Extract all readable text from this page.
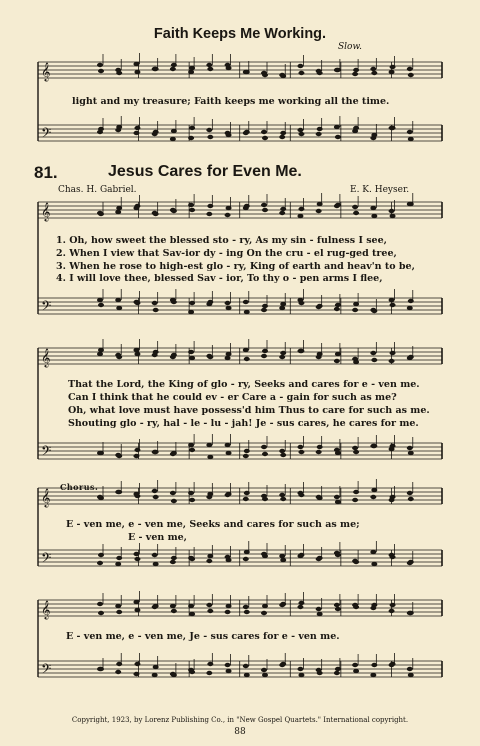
𝄞
𝄢
𝄞
𝄢
𝄞
𝄢
𝄞
𝄢
𝄞
𝄢
Faith Keeps Me Working.
Slow.
light and my treasure; Faith keeps me working all the time.
81.	Jesus Cares for Even Me.
Chas. H. Gabriel.	E. K. Heyser.
1. Oh, how sweet the blessed sto - ry, As my sin - fulness I see,
2. When I view that Sav-ior dy - ing On the cru - el rug-ged tree,
3. When he rose to high-est glo - ry, King of earth and heav'n to be,
4. I will love thee, blessed Sav - ior, To thy o - pen arms I flee,
That the Lord, the King of glo - ry, Seeks and cares for e - ven me.
Can I think that he could ev - er Care a - gain for such as me?
Oh, what love must have possess'd him Thus to care for such as me.
Shouting glo - ry, hal - le - lu - jah! Je - sus cares, he cares for me.
Chorus.
E - ven me, e - ven me, Seeks and cares for such as me;
E - ven me,
E - ven me, e - ven me, Je - sus cares for e - ven me.
Copyright, 1923, by Lorenz Publishing Co., in "New Gospel Quartets." International copyright.
88
